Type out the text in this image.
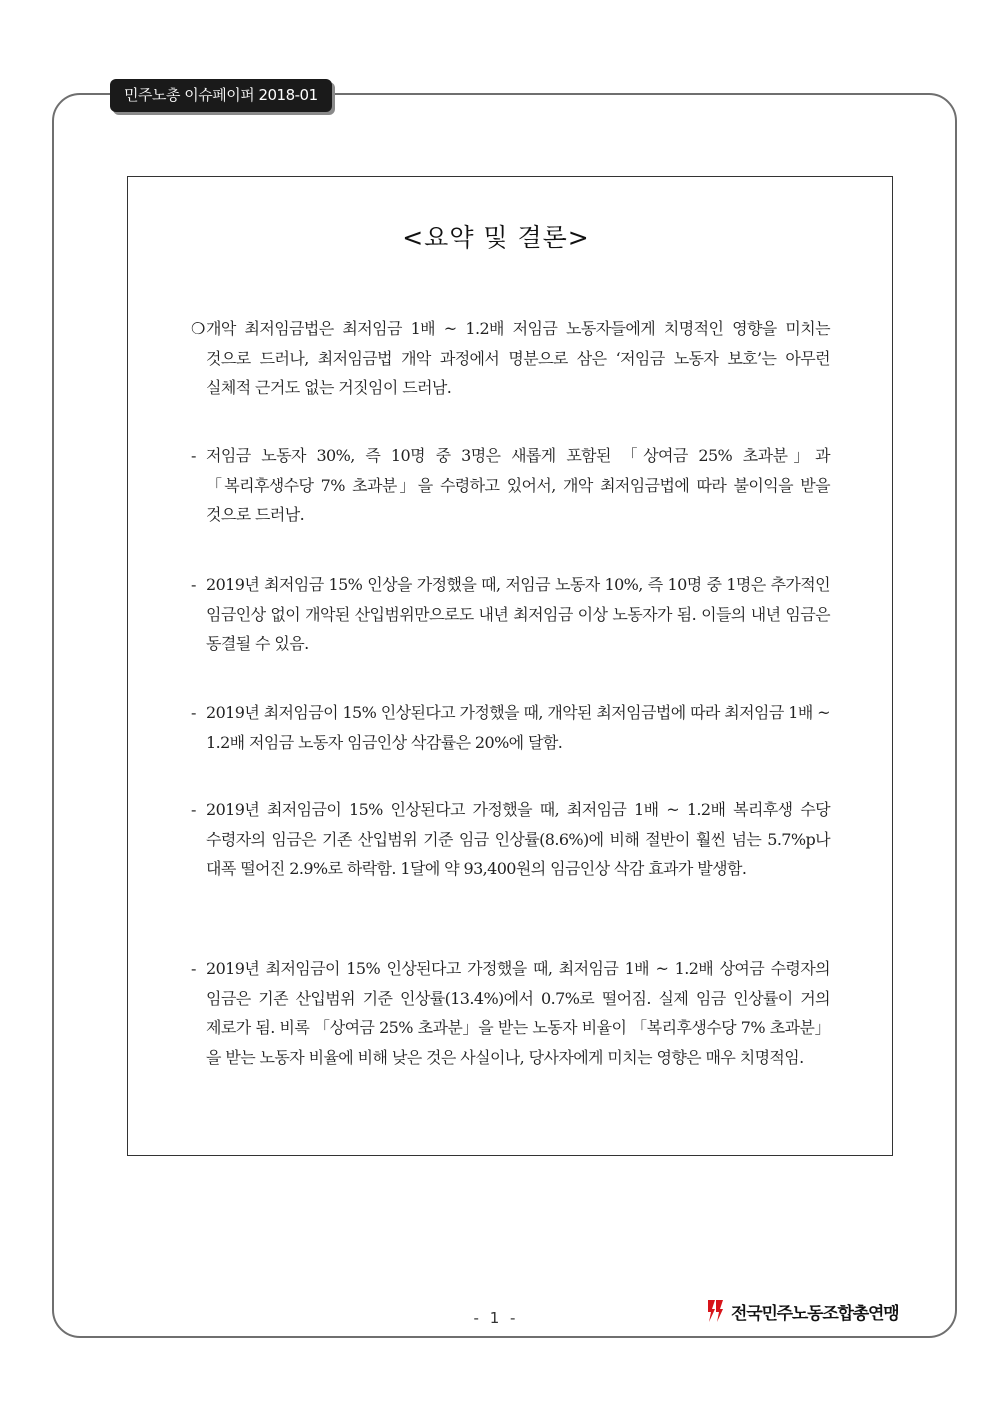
민주노총 이슈페이퍼 2018-01
<요약 및 결론>

❍ 개악 최저임금법은 최저임금 1배 ~ 1.2배 저임금 노동자들에게 치명적인 영향을 미치는 것으로 드러나, 최저임금법 개악 과정에서 명분으로 삼은 ‘저임금 노동자 보호’는 아무런 실체적 근거도 없는 거짓임이 드러남.

- 저임금 노동자 30%, 즉 10명 중 3명은 새롭게 포함된 「상여금 25% 초과분」과 「복리후생수당 7% 초과분」을 수령하고 있어서, 개악 최저임금법에 따라 불이익을 받을 것으로 드러남.

- 2019년 최저임금 15% 인상을 가정했을 때, 저임금 노동자 10%, 즉 10명 중 1명은 추가적인 임금인상 없이 개악된 산입범위만으로도 내년 최저임금 이상 노동자가 됨. 이들의 내년 임금은 동결될 수 있음.

- 2019년 최저임금이 15% 인상된다고 가정했을 때, 개악된 최저임금법에 따라 최저임금 1배 ~ 1.2배 저임금 노동자 임금인상 삭감률은 20%에 달함.

- 2019년 최저임금이 15% 인상된다고 가정했을 때, 최저임금 1배 ~ 1.2배 복리후생 수당 수령자의 임금은 기존 산입범위 기준 임금 인상률(8.6%)에 비해 절반이 훨씬 넘는 5.7%p나 대폭 떨어진 2.9%로 하락함. 1달에 약 93,400원의 임금인상 삭감 효과가 발생함.

- 2019년 최저임금이 15% 인상된다고 가정했을 때, 최저임금 1배 ~ 1.2배 상여금 수령자의 임금은 기존 산입범위 기준 인상률(13.4%)에서 0.7%로 떨어짐. 실제 임금 인상률이 거의 제로가 됨. 비록 「상여금 25% 초과분」을 받는 노동자 비율이 「복리후생수당 7% 초과분」을 받는 노동자 비율에 비해 낮은 것은 사실이나, 당사자에게 미치는 영향은 매우 치명적임.

- 1 -	전국민주노동조합총연맹
